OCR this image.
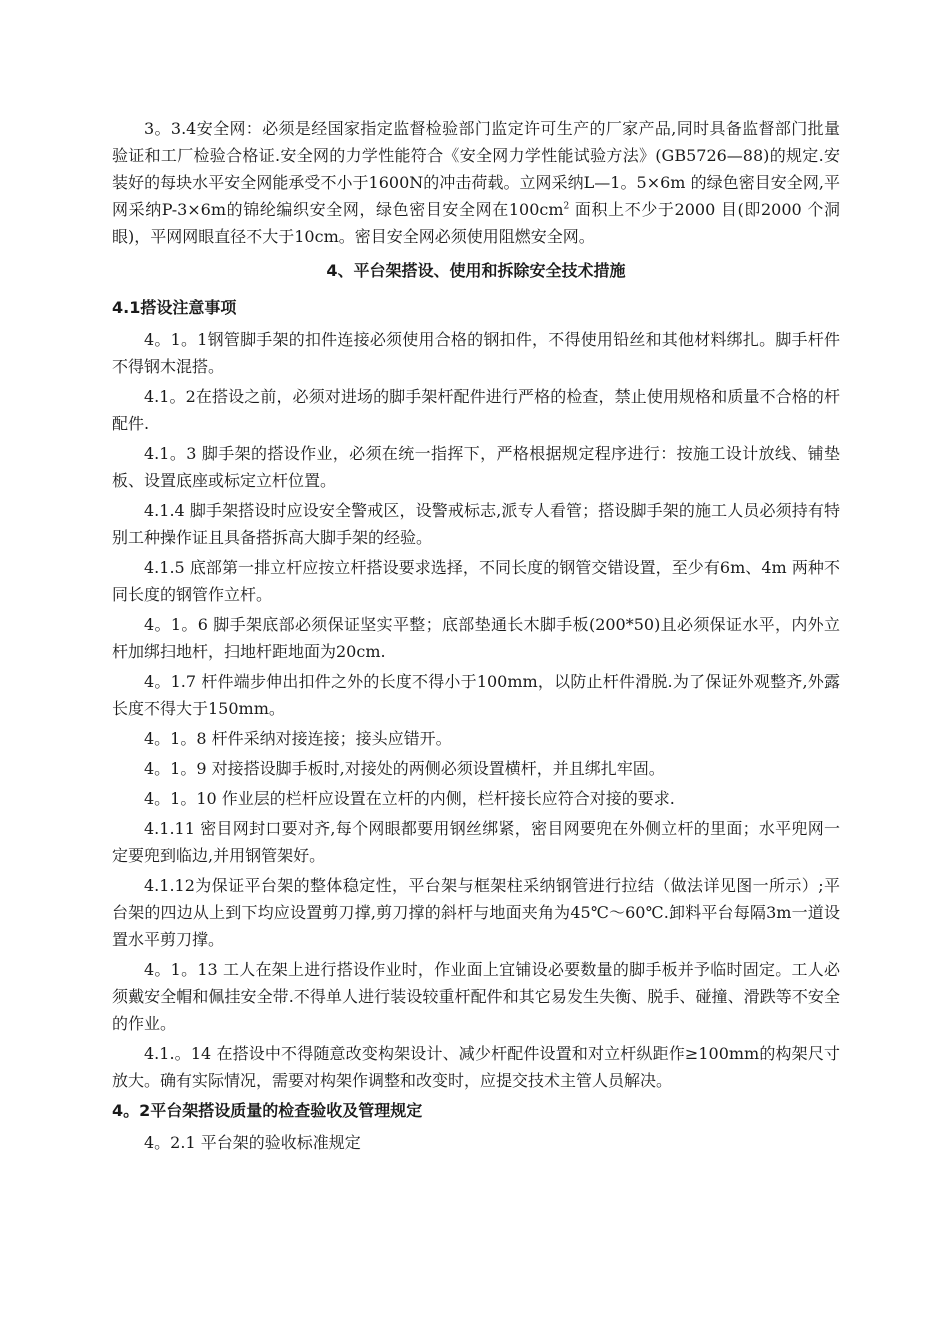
3。3.4安全网：必须是经国家指定监督检验部门监定许可生产的厂家产品,同时具备监督部门批量验证和工厂检验合格证.安全网的力学性能符合《安全网力学性能试验方法》(GB5726—88)的规定.安装好的每块水平安全网能承受不小于1600N的冲击荷载。立网采纳L—1。5×6m 的绿色密目安全网,平网采纳P-3×6m的锦纶编织安全网，绿色密目安全网在$100cm^2$ 面积上不少于2000 目(即2000 个洞眼)，平网网眼直径不大于10cm。密目安全网必须使用阻燃安全网。

4、平台架搭设、使用和拆除安全技术措施
4.1搭设注意事项

4。1。1钢管脚手架的扣件连接必须使用合格的钢扣件，不得使用铅丝和其他材料绑扎。脚手杆件不得钢木混搭。

4.1。2在搭设之前，必须对进场的脚手架杆配件进行严格的检查，禁止使用规格和质量不合格的杆配件.

4.1。3 脚手架的搭设作业，必须在统一指挥下，严格根据规定程序进行：按施工设计放线、铺垫板、设置底座或标定立杆位置。

4.1.4 脚手架搭设时应设安全警戒区，设警戒标志,派专人看管；搭设脚手架的施工人员必须持有特别工种操作证且具备搭拆高大脚手架的经验。

4.1.5 底部第一排立杆应按立杆搭设要求选择，不同长度的钢管交错设置，至少有6m、4m 两种不同长度的钢管作立杆。

4。1。6 脚手架底部必须保证坚实平整；底部垫通长木脚手板(200*50)且必须保证水平，内外立杆加绑扫地杆，扫地杆距地面为20cm.

4。1.7 杆件端步伸出扣件之外的长度不得小于100mm，以防止杆件滑脱.为了保证外观整齐,外露长度不得大于150mm。

4。1。8 杆件采纳对接连接；接头应错开。

4。1。9 对接搭设脚手板时,对接处的两侧必须设置横杆，并且绑扎牢固。

4。1。10 作业层的栏杆应设置在立杆的内侧，栏杆接长应符合对接的要求.

4.1.11 密目网封口要对齐,每个网眼都要用钢丝绑紧，密目网要兜在外侧立杆的里面；水平兜网一定要兜到临边,并用钢管架好。

4.1.12为保证平台架的整体稳定性，平台架与框架柱采纳钢管进行拉结（做法详见图一所示）;平台架的四边从上到下均应设置剪刀撑,剪刀撑的斜杆与地面夹角为45℃～60℃.卸料平台每隔3m一道设置水平剪刀撑。

4。1。13 工人在架上进行搭设作业时，作业面上宜铺设必要数量的脚手板并予临时固定。工人必须戴安全帽和佩挂安全带.不得单人进行装设较重杆配件和其它易发生失衡、脱手、碰撞、滑跌等不安全的作业。

4.1.。14 在搭设中不得随意改变构架设计、减少杆配件设置和对立杆纵距作≥100mm的构架尺寸放大。确有实际情况，需要对构架作调整和改变时，应提交技术主管人员解决。

4。2平台架搭设质量的检查验收及管理规定

4。2.1 平台架的验收标准规定
